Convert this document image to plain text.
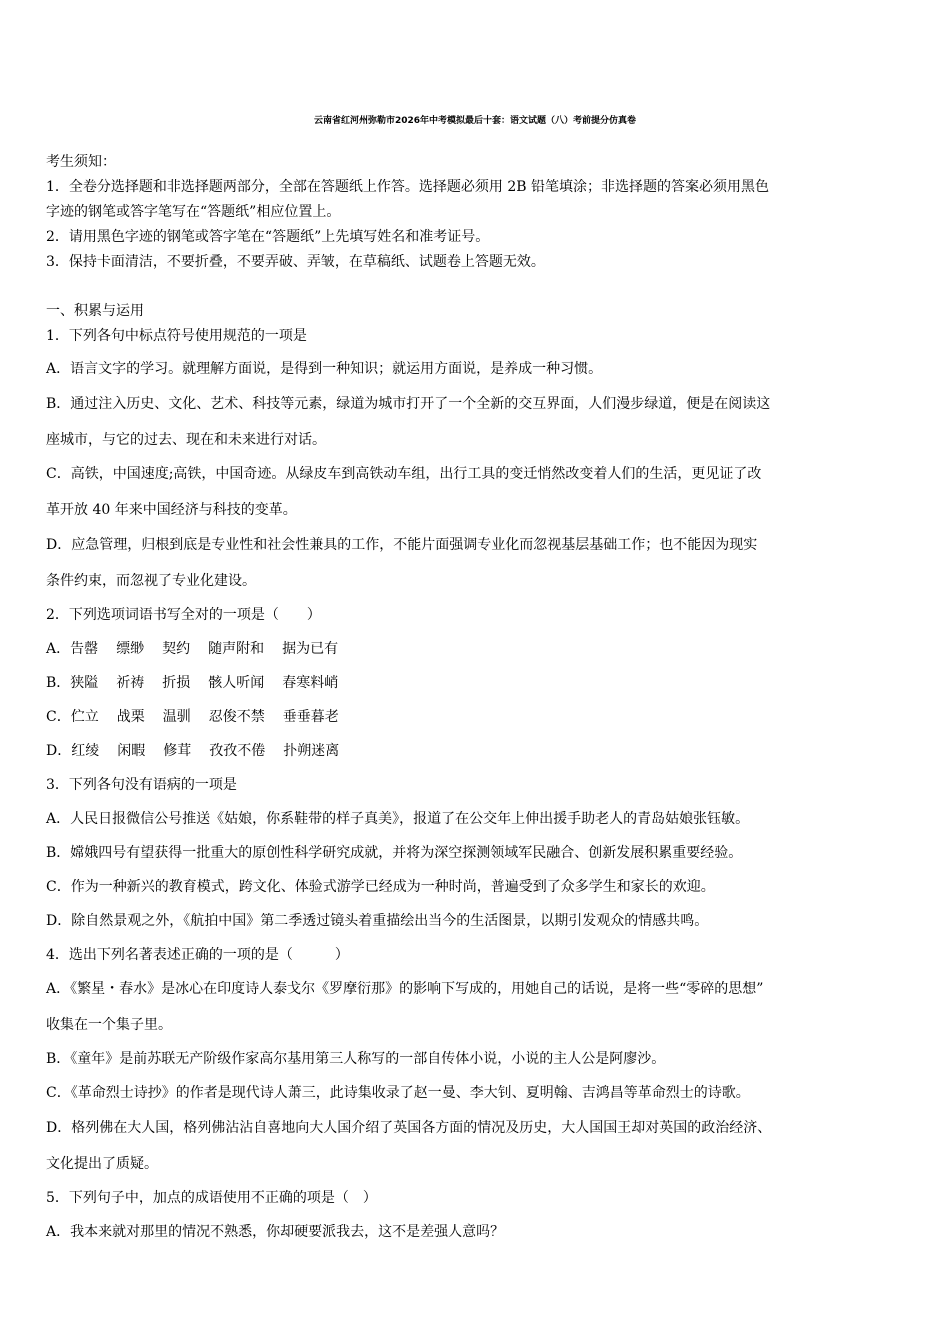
云南省红河州弥勒市2026年中考模拟最后十套：语文试题（八）考前提分仿真卷
考生须知：
1．全卷分选择题和非选择题两部分，全部在答题纸上作答。选择题必须用 2B 铅笔填涂；非选择题的答案必须用黑色
字迹的钢笔或答字笔写在“答题纸”相应位置上。
2．请用黑色字迹的钢笔或答字笔在“答题纸”上先填写姓名和准考证号。
3．保持卡面清洁，不要折叠，不要弄破、弄皱，在草稿纸、试题卷上答题无效。
一、积累与运用
1．下列各句中标点符号使用规范的一项是
A．语言文字的学习。就理解方面说，是得到一种知识；就运用方面说，是养成一种习惯。
B．通过注入历史、文化、艺术、科技等元素，绿道为城市打开了一个全新的交互界面，人们漫步绿道，便是在阅读这
座城市，与它的过去、现在和未来进行对话。
C．高铁，中国速度;高铁，中国奇迹。从绿皮车到高铁动车组，出行工具的变迁悄然改变着人们的生活，更见证了改
革开放 40 年来中国经济与科技的变革。
D．应急管理，归根到底是专业性和社会性兼具的工作，不能片面强调专业化而忽视基层基础工作；也不能因为现实
条件约束，而忽视了专业化建设。
2．下列选项词语书写全对的一项是（　　）
A．告罄 缥缈 契约 随声附和 据为已有
B．狭隘 祈祷 折损 骸人听闻 春寒料峭
C．伫立 战栗 温驯 忍俊不禁 垂垂暮老
D．红绫 闲暇 修茸 孜孜不倦 扑朔迷离
3．下列各句没有语病的一项是
A．人民日报微信公号推送《姑娘，你系鞋带的样子真美》，报道了在公交年上伸出援手助老人的青岛姑娘张钰敏。
B．嫦娥四号有望获得一批重大的原创性科学研究成就，并将为深空探测领域军民融合、创新发展积累重要经验。
C．作为一种新兴的教育模式，跨文化、体验式游学已经成为一种时尚，普遍受到了众多学生和家长的欢迎。
D．除自然景观之外，《航拍中国》第二季透过镜头着重描绘出当今的生活图景，以期引发观众的情感共鸣。
4．选出下列名著表述正确的一项的是（　　　）
A．《繁星・春水》是冰心在印度诗人泰戈尔《罗摩衍那》的影响下写成的，用她自己的话说，是将一些“零碎的思想”
收集在一个集子里。
B．《童年》是前苏联无产阶级作家高尔基用第三人称写的一部自传体小说，小说的主人公是阿廖沙。
C．《革命烈士诗抄》的作者是现代诗人萧三，此诗集收录了赵一曼、李大钊、夏明翰、吉鸿昌等革命烈士的诗歌。
D．格列佛在大人国，格列佛沾沾自喜地向大人国介绍了英国各方面的情况及历史，大人国国王却对英国的政治经济、
文化提出了质疑。
5．下列句子中，加点的成语使用不正确的项是（　）
A．我本来就对那里的情况不熟悉，你却硬要派我去，这不是差强人意吗？
